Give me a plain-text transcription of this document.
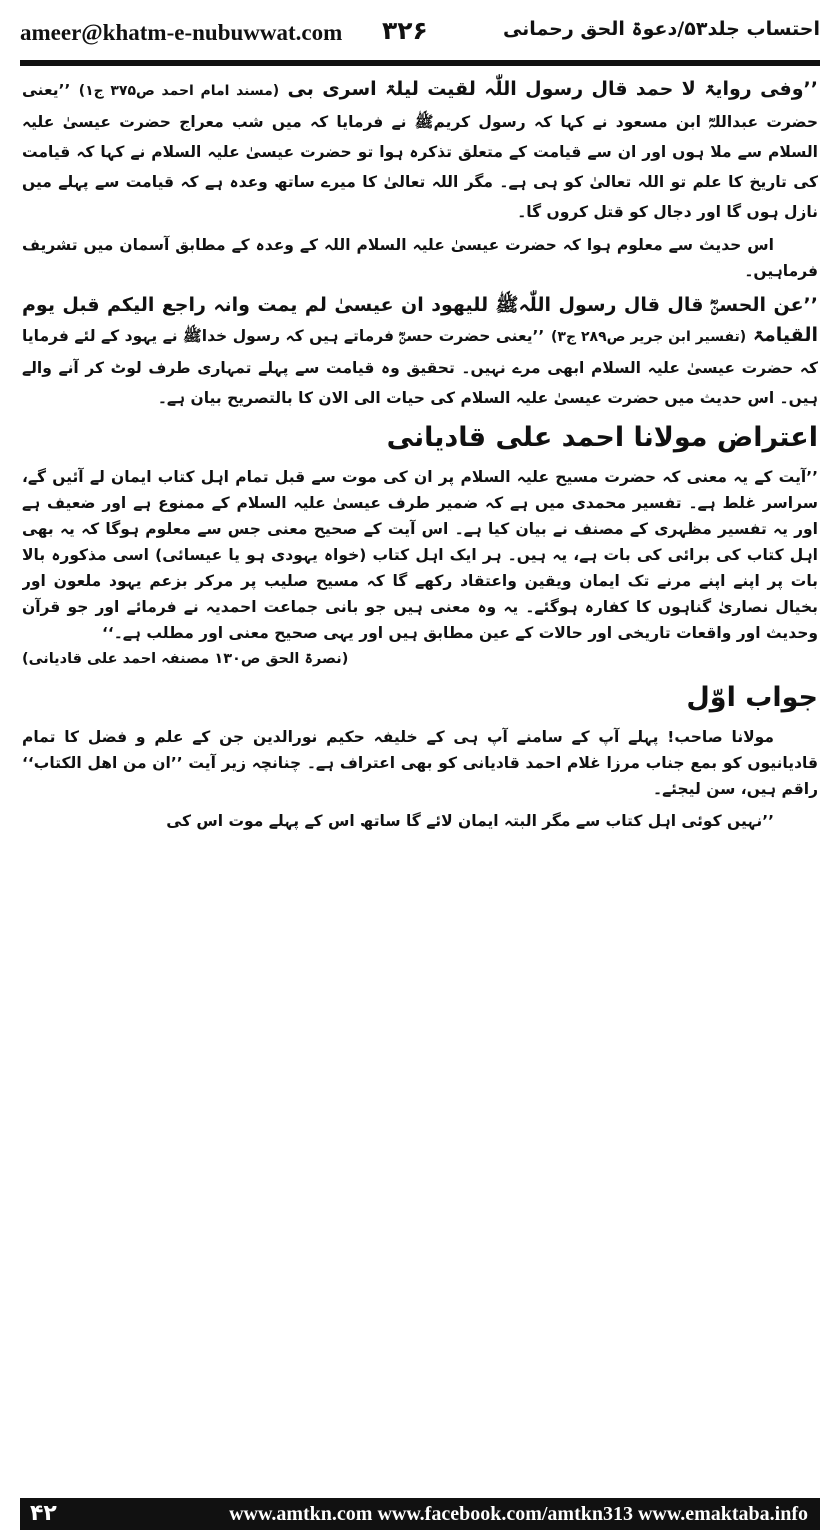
ameer@khatm-e-nubuwwat.com ۳۲۶	احتساب جلد۵۳/دعوۃ الحق رحمانی

’’وفی روایۃ لا حمد قال رسول اللّٰہ لقیت لیلۃ اسری بی (مسند امام احمد ص۳۷۵ ج۱) ’’یعنی حضرت عبداللہؓ ابن مسعود نے کہا کہ رسول کریمﷺ نے فرمایا کہ میں شب معراج حضرت عیسیٰ علیہ السلام سے ملا ہوں اور ان سے قیامت کے متعلق تذکرہ ہوا تو حضرت عیسیٰ علیہ السلام نے کہا کہ قیامت کی تاریخ کا علم تو اللہ تعالیٰ کو ہی ہے۔ مگر اللہ تعالیٰ کا میرے ساتھ وعدہ ہے کہ قیامت سے پہلے میں نازل ہوں گا اور دجال کو قتل کروں گا۔

اس حدیث سے معلوم ہوا کہ حضرت عیسیٰ علیہ السلام اللہ کے وعدہ کے مطابق آسمان میں تشریف فرماہیں۔

’’عن الحسنؓ قال قال رسول اللّٰہﷺ للیھود ان عیسیٰ لم یمت وانہ راجع الیکم قبل یوم القیامۃ (تفسیر ابن جریر ص۲۸۹ ج۳) ’’یعنی حضرت حسنؓ فرماتے ہیں کہ رسول خداﷺ نے یہود کے لئے فرمایا کہ حضرت عیسیٰ علیہ السلام ابھی مرے نہیں۔ تحقیق وہ قیامت سے پہلے تمہاری طرف لوٹ کر آنے والے ہیں۔ اس حدیث میں حضرت عیسیٰ علیہ السلام کی حیات الی الان کا بالتصریح بیان ہے۔

اعتراض مولانا احمد علی قادیانی

’’آیت کے یہ معنی کہ حضرت مسیح علیہ السلام پر ان کی موت سے قبل تمام اہل کتاب ایمان لے آئیں گے، سراسر غلط ہے۔ تفسیر محمدی میں ہے کہ ضمیر طرف عیسیٰ علیہ السلام کے ممنوع ہے اور ضعیف ہے اور یہ تفسیر مظہری کے مصنف نے بیان کیا ہے۔ اس آیت کے صحیح معنی جس سے معلوم ہوگا کہ یہ بھی اہل کتاب کی برائی کی بات ہے، یہ ہیں۔ ہر ایک اہل کتاب (خواہ یہودی ہو یا عیسائی) اسی مذکورہ بالا بات پر اپنے اپنے مرنے تک ایمان ویقین واعتقاد رکھے گا کہ مسیح صلیب پر مرکر بزعم یہود ملعون اور بخیال نصاریٰ گناہوں کا کفارہ ہوگئے۔ یہ وہ معنی ہیں جو بانی جماعت احمدیہ نے فرمائے اور جو قرآن وحدیث اور واقعات تاریخی اور حالات کے عین مطابق ہیں اور یہی صحیح معنی اور مطلب ہے۔‘‘
(نصرۃ الحق ص۱۳۰ مصنفہ احمد علی قادیانی)

جواب اوّل

مولانا صاحب! پہلے آپ کے سامنے آپ ہی کے خلیفہ حکیم نورالدین جن کے علم و فضل کا تمام قادیانیوں کو بمع جناب مرزا غلام احمد قادیانی کو بھی اعتراف ہے۔ چنانچہ زیر آیت ’’ان من اھل الکتاب‘‘ راقم ہیں، سن لیجئے۔

’’نہیں کوئی اہل کتاب سے مگر البتہ ایمان لائے گا ساتھ اس کے پہلے موت اس کی

۴۲	www.amtkn.com www.facebook.com/amtkn313 www.emaktaba.info
